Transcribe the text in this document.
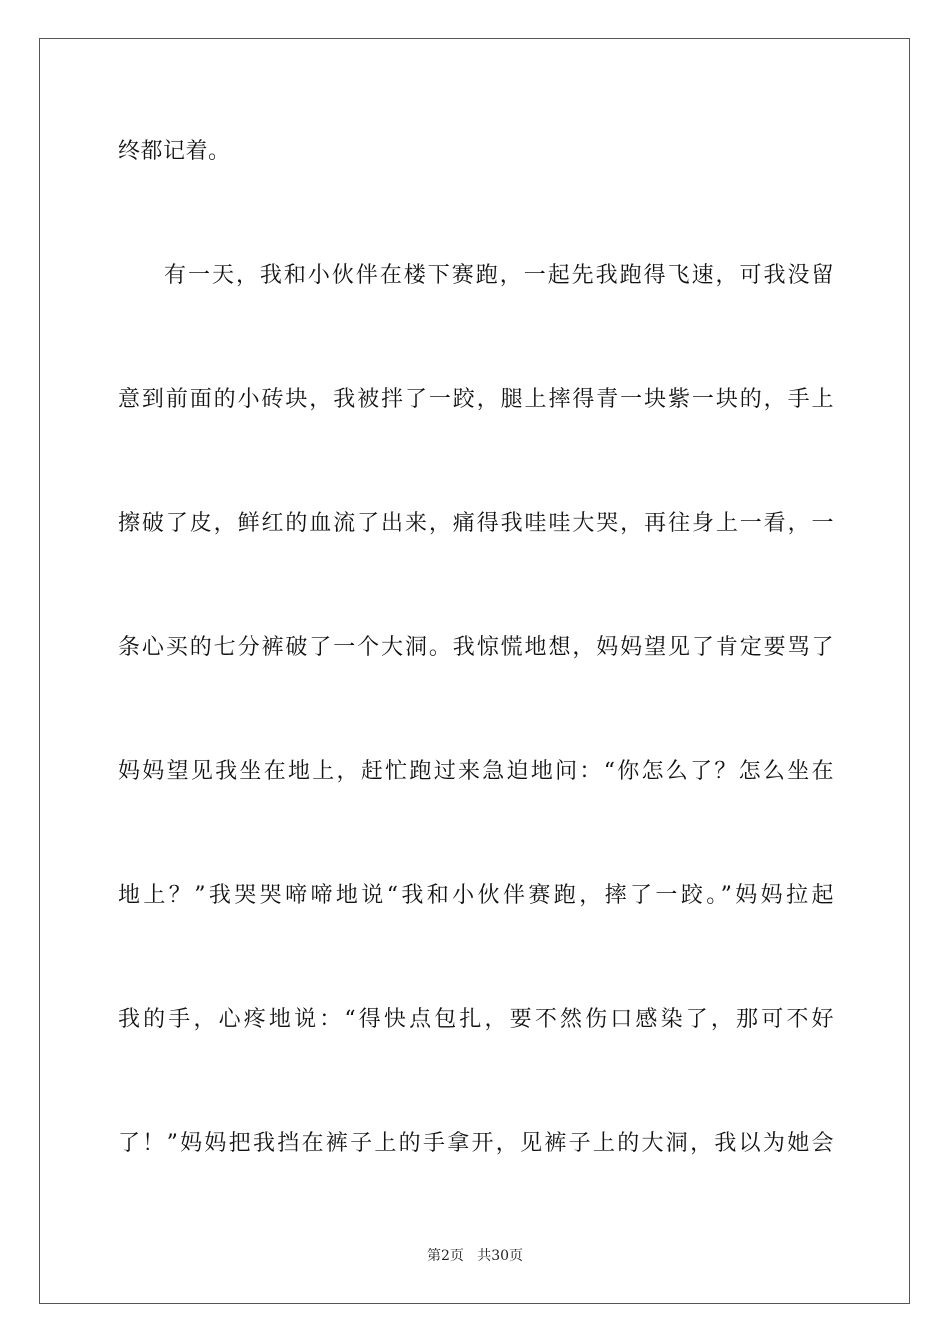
终都记着。
有一天，我和小伙伴在楼下赛跑，一起先我跑得飞速，可我没留
意到前面的小砖块，我被拌了一跤，腿上摔得青一块紫一块的，手上
擦破了皮，鲜红的血流了出来，痛得我哇哇大哭，再往身上一看，一
条心买的七分裤破了一个大洞。我惊慌地想，妈妈望见了肯定要骂了
妈妈望见我坐在地上，赶忙跑过来急迫地问：“你怎么了？怎么坐在
地上？”我哭哭啼啼地说“我和小伙伴赛跑，摔了一跤。”妈妈拉起
我的手，心疼地说：“得快点包扎，要不然伤口感染了，那可不好
了！”妈妈把我挡在裤子上的手拿开，见裤子上的大洞，我以为她会
第2页   共30页
